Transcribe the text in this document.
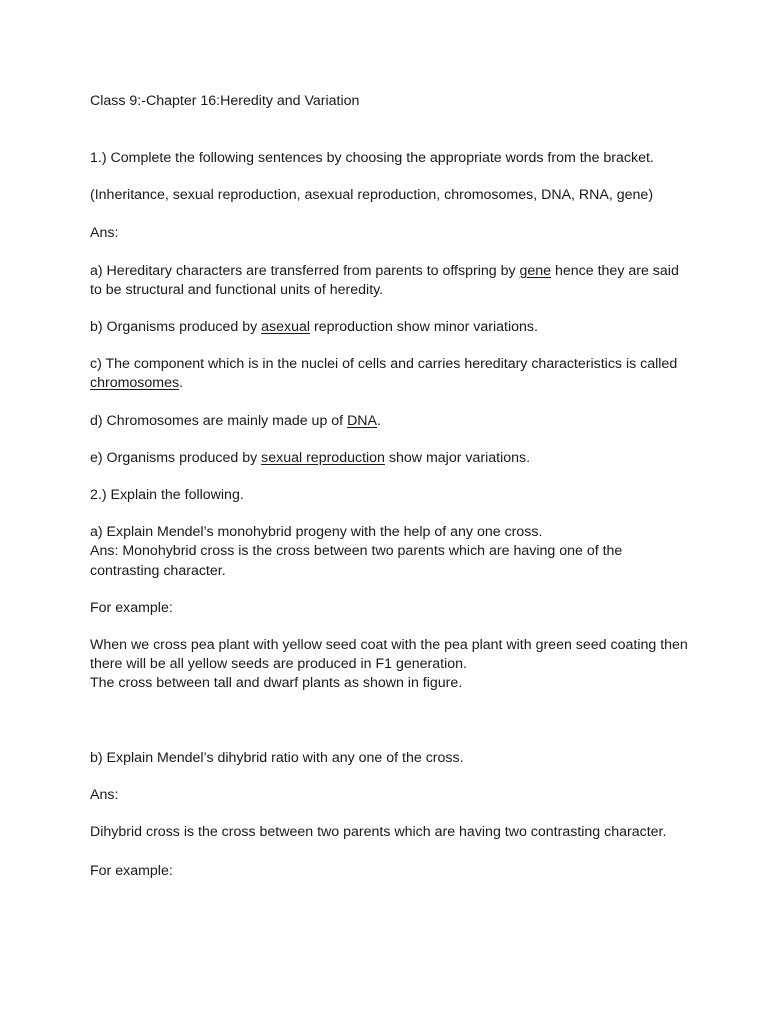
Class 9:-Chapter 16:Heredity and Variation
1.) Complete the following sentences by choosing the appropriate words from the bracket.
(Inheritance, sexual reproduction, asexual reproduction, chromosomes, DNA, RNA, gene)
Ans:
a) Hereditary characters are transferred from parents to offspring by gene hence they are said
to be structural and functional units of heredity.
b) Organisms produced by asexual reproduction show minor variations.
c) The component which is in the nuclei of cells and carries hereditary characteristics is called
chromosomes.
d) Chromosomes are mainly made up of DNA.
e) Organisms produced by sexual reproduction show major variations.
2.) Explain the following.
a) Explain Mendel’s monohybrid progeny with the help of any one cross.
Ans: Monohybrid cross is the cross between two parents which are having one of the
contrasting character.
For example:
When we cross pea plant with yellow seed coat with the pea plant with green seed coating then
there will be all yellow seeds are produced in F1 generation.
The cross between tall and dwarf plants as shown in figure.
b) Explain Mendel’s dihybrid ratio with any one of the cross.
Ans:
Dihybrid cross is the cross between two parents which are having two contrasting character.
For example:
